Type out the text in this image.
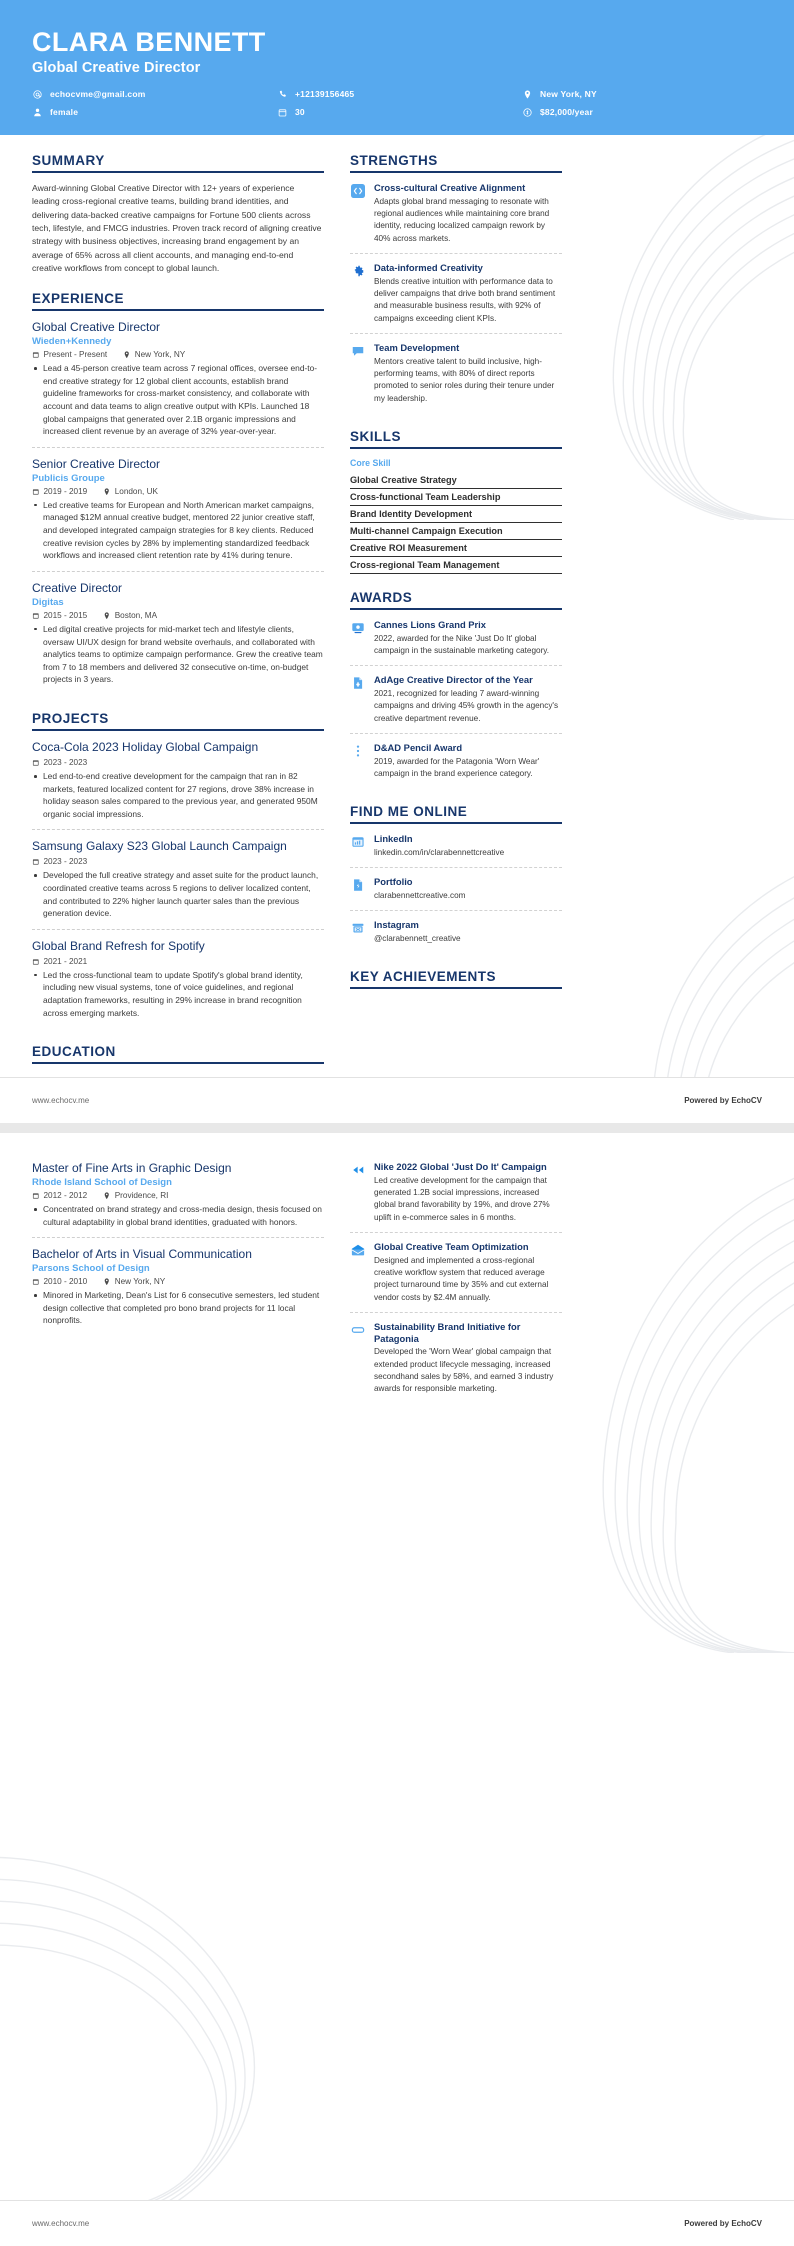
CLARA BENNETT
Global Creative Director
echocvme@gmail.com	+12139156465	New York, NY
female	30	$82,000/year
SUMMARY
Award-winning Global Creative Director with 12+ years of experience leading cross-regional creative teams, building brand identities, and delivering data-backed creative campaigns for Fortune 500 clients across tech, lifestyle, and FMCG industries. Proven track record of aligning creative strategy with business objectives, increasing brand engagement by an average of 65% across all client accounts, and managing end-to-end creative workflows from concept to global launch.
EXPERIENCE
Global Creative Director
Wieden+Kennedy
Present - Present	New York, NY
Lead a 45-person creative team across 7 regional offices, oversee end-to-end creative strategy for 12 global client accounts, establish brand guideline frameworks for cross-market consistency, and collaborate with account and data teams to align creative output with KPIs. Launched 18 global campaigns that generated over 2.1B organic impressions and increased client revenue by an average of 32% year-over-year.
Senior Creative Director
Publicis Groupe
2019 - 2019	London, UK
Led creative teams for European and North American market campaigns, managed $12M annual creative budget, mentored 22 junior creative staff, and developed integrated campaign strategies for 8 key clients. Reduced creative revision cycles by 28% by implementing standardized feedback workflows and increased client retention rate by 41% during tenure.
Creative Director
Digitas
2015 - 2015	Boston, MA
Led digital creative projects for mid-market tech and lifestyle clients, oversaw UI/UX design for brand website overhauls, and collaborated with analytics teams to optimize campaign performance. Grew the creative team from 7 to 18 members and delivered 32 consecutive on-time, on-budget projects in 3 years.
PROJECTS
Coca-Cola 2023 Holiday Global Campaign
2023 - 2023
Led end-to-end creative development for the campaign that ran in 82 markets, featured localized content for 27 regions, drove 38% increase in holiday season sales compared to the previous year, and generated 950M organic social impressions.
Samsung Galaxy S23 Global Launch Campaign
2023 - 2023
Developed the full creative strategy and asset suite for the product launch, coordinated creative teams across 5 regions to deliver localized content, and contributed to 22% higher launch quarter sales than the previous generation device.
Global Brand Refresh for Spotify
2021 - 2021
Led the cross-functional team to update Spotify's global brand identity, including new visual systems, tone of voice guidelines, and regional adaptation frameworks, resulting in 29% increase in brand recognition across emerging markets.
EDUCATION
STRENGTHS
Cross-cultural Creative Alignment
Adapts global brand messaging to resonate with regional audiences while maintaining core brand identity, reducing localized campaign rework by 40% across markets.
Data-informed Creativity
Blends creative intuition with performance data to deliver campaigns that drive both brand sentiment and measurable business results, with 92% of campaigns exceeding client KPIs.
Team Development
Mentors creative talent to build inclusive, high-performing teams, with 80% of direct reports promoted to senior roles during their tenure under my leadership.
SKILLS
Core Skill
Global Creative Strategy
Cross-functional Team Leadership
Brand Identity Development
Multi-channel Campaign Execution
Creative ROI Measurement
Cross-regional Team Management
AWARDS
Cannes Lions Grand Prix
2022, awarded for the Nike 'Just Do It' global campaign in the sustainable marketing category.
AdAge Creative Director of the Year
2021, recognized for leading 7 award-winning campaigns and driving 45% growth in the agency's creative department revenue.
D&AD Pencil Award
2019, awarded for the Patagonia 'Worn Wear' campaign in the brand experience category.
FIND ME ONLINE
LinkedIn
linkedin.com/in/clarabennettcreative
Portfolio
clarabennettcreative.com
Instagram
@clarabennett_creative
KEY ACHIEVEMENTS
www.echocv.me	Powered by EchoCV
Master of Fine Arts in Graphic Design
Rhode Island School of Design
2012 - 2012	Providence, RI
Concentrated on brand strategy and cross-media design, thesis focused on cultural adaptability in global brand identities, graduated with honors.
Bachelor of Arts in Visual Communication
Parsons School of Design
2010 - 2010	New York, NY
Minored in Marketing, Dean's List for 6 consecutive semesters, led student design collective that completed pro bono brand projects for 11 local nonprofits.
Nike 2022 Global 'Just Do It' Campaign
Led creative development for the campaign that generated 1.2B social impressions, increased global brand favorability by 19%, and drove 27% uplift in e-commerce sales in 6 months.
Global Creative Team Optimization
Designed and implemented a cross-regional creative workflow system that reduced average project turnaround time by 35% and cut external vendor costs by $2.4M annually.
Sustainability Brand Initiative for Patagonia
Developed the 'Worn Wear' global campaign that extended product lifecycle messaging, increased secondhand sales by 58%, and earned 3 industry awards for responsible marketing.
www.echocv.me	Powered by EchoCV
